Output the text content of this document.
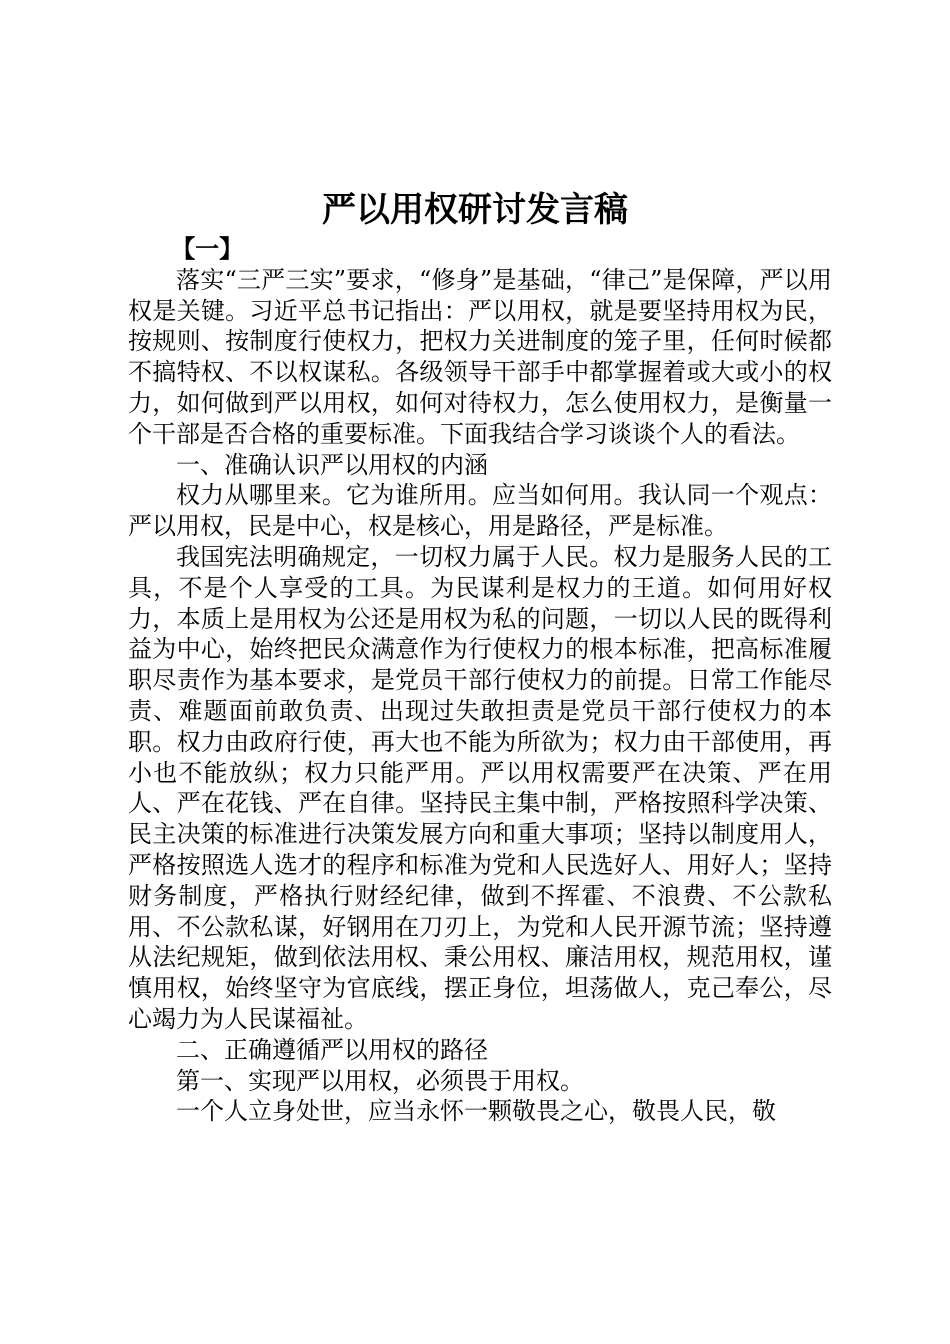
严以用权研讨发言稿

【一】

落实“三严三实”要求，“修身”是基础，“律己”是保障，严以用权是关键。习近平总书记指出：严以用权，就是要坚持用权为民，按规则、按制度行使权力，把权力关进制度的笼子里，任何时候都不搞特权、不以权谋私。各级领导干部手中都掌握着或大或小的权力，如何做到严以用权，如何对待权力，怎么使用权力，是衡量一个干部是否合格的重要标准。下面我结合学习谈谈个人的看法。

一、准确认识严以用权的内涵

权力从哪里来。它为谁所用。应当如何用。我认同一个观点：严以用权，民是中心，权是核心，用是路径，严是标准。

我国宪法明确规定，一切权力属于人民。权力是服务人民的工具，不是个人享受的工具。为民谋利是权力的王道。如何用好权力，本质上是用权为公还是用权为私的问题，一切以人民的既得利益为中心，始终把民众满意作为行使权力的根本标准，把高标准履职尽责作为基本要求，是党员干部行使权力的前提。日常工作能尽责、难题面前敢负责、出现过失敢担责是党员干部行使权力的本职。权力由政府行使，再大也不能为所欲为；权力由干部使用，再小也不能放纵；权力只能严用。严以用权需要严在决策、严在用人、严在花钱、严在自律。坚持民主集中制，严格按照科学决策、民主决策的标准进行决策发展方向和重大事项；坚持以制度用人，严格按照选人选才的程序和标准为党和人民选好人、用好人；坚持财务制度，严格执行财经纪律，做到不挥霍、不浪费、不公款私用、不公款私谋，好钢用在刀刃上，为党和人民开源节流；坚持遵从法纪规矩，做到依法用权、秉公用权、廉洁用权，规范用权，谨慎用权，始终坚守为官底线，摆正身位，坦荡做人，克己奉公，尽心竭力为人民谋福祉。

二、正确遵循严以用权的路径

第一、实现严以用权，必须畏于用权。

一个人立身处世，应当永怀一颗敬畏之心，敬畏人民，敬
